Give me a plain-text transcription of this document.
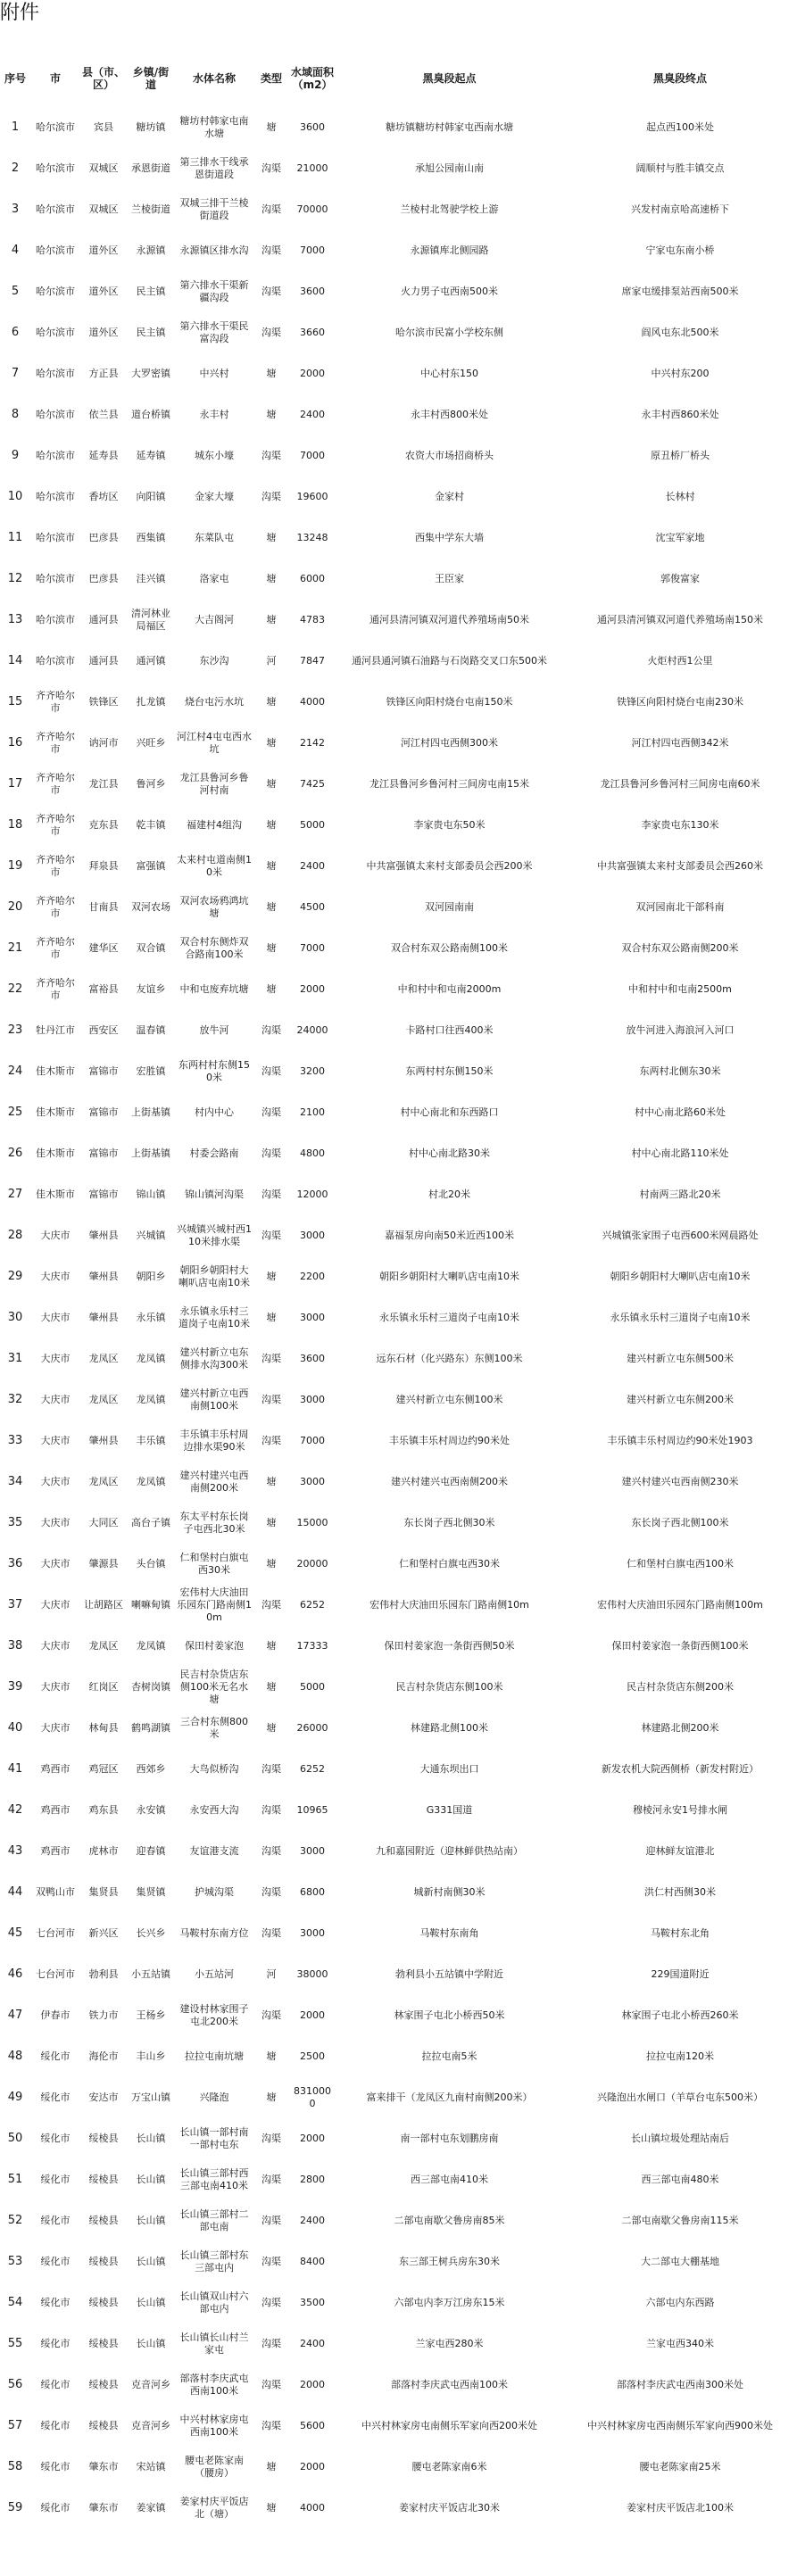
附件
序号	市	县（市、区）	乡镇/街道	水体名称	类型	水域面积（m2）	黑臭段起点	黑臭段终点
1	哈尔滨市	宾县	糖坊镇	糖坊村韩家屯南水塘	塘	3600	糖坊镇糖坊村韩家屯西南水塘	起点西100米处
2	哈尔滨市	双城区	承恩街道	第三排水干线承恩街道段	沟渠	21000	承旭公园南山南	阔顺村与胜丰镇交点
3	哈尔滨市	双城区	兰棱街道	双城三排干兰棱街道段	沟渠	70000	兰棱村北驾驶学校上游	兴发村南京哈高速桥下
4	哈尔滨市	道外区	永源镇	永源镇区排水沟	沟渠	7000	永源镇库北侧园路	宁家屯东南小桥
5	哈尔滨市	道外区	民主镇	第六排水干渠新疆沟段	沟渠	3600	火力男子屯西南500米	席家屯缓排泵站西南500米
6	哈尔滨市	道外区	民主镇	第六排水干渠民富沟段	沟渠	3660	哈尔滨市民富小学校东侧	阎风屯东北500米
7	哈尔滨市	方正县	大罗密镇	中兴村	塘	2000	中心村东150	中兴村东200
8	哈尔滨市	依兰县	道台桥镇	永丰村	塘	2400	永丰村西800米处	永丰村西860米处
9	哈尔滨市	延寿县	延寿镇	城东小壕	沟渠	7000	农资大市场招商桥头	原丑桥厂桥头
10	哈尔滨市	香坊区	向阳镇	金家大壕	沟渠	19600	金家村	长林村
11	哈尔滨市	巴彦县	西集镇	东菜队屯	塘	13248	西集中学东大墙	沈宝军家地
12	哈尔滨市	巴彦县	洼兴镇	洛家屯	塘	6000	王臣家	郭俊富家
13	哈尔滨市	通河县	清河林业局福区	大吉阁河	塘	4783	通河县清河镇双河道代养殖场南50米	通河县清河镇双河道代养殖场南150米
14	哈尔滨市	通河县	通河镇	东沙沟	河	7847	通河县通河镇石油路与石岗路交叉口东500米	火炬村西1公里
15	齐齐哈尔市	铁锋区	扎龙镇	烧台屯污水坑	塘	4000	铁锋区向阳村烧台屯南150米	铁锋区向阳村烧台屯南230米
16	齐齐哈尔市	讷河市	兴旺乡	河江村4屯屯西水坑	塘	2142	河江村四屯西侧300米	河江村四屯西侧342米
17	齐齐哈尔市	龙江县	鲁河乡	龙江县鲁河乡鲁河村南	塘	7425	龙江县鲁河乡鲁河村三间房屯南15米	龙江县鲁河乡鲁河村三间房屯南60米
18	齐齐哈尔市	克东县	乾丰镇	福建村4组沟	塘	5000	李家贵屯东50米	李家贵屯东130米
19	齐齐哈尔市	拜泉县	富强镇	太来村屯道南侧10米	塘	2400	中共富强镇太来村支部委员会西200米	中共富强镇太来村支部委员会西260米
20	齐齐哈尔市	甘南县	双河农场	双河农场鸦鸿坑塘	塘	4500	双河园南南	双河园南北干部科南
21	齐齐哈尔市	建华区	双合镇	双合村东侧炸双合路南100米	塘	7000	双合村东双公路南侧100米	双合村东双公路南侧200米
22	齐齐哈尔市	富裕县	友谊乡	中和屯废弃坑塘	塘	2000	中和村中和屯南2000m	中和村中和屯南2500m
23	牡丹江市	西安区	温春镇	放牛河	沟渠	24000	卡路村口往西400米	放牛河进入海浪河入河口
24	佳木斯市	富锦市	宏胜镇	东两村村东侧150米	沟渠	3200	东两村村东侧150米	东两村北侧东30米
25	佳木斯市	富锦市	上街基镇	村内中心	沟渠	2100	村中心南北和东西路口	村中心南北路60米处
26	佳木斯市	富锦市	上街基镇	村委会路南	沟渠	4800	村中心南北路30米	村中心南北路110米处
27	佳木斯市	富锦市	锦山镇	锦山镇河沟渠	沟渠	12000	村北20米	村南两三路北20米
28	大庆市	肇州县	兴城镇	兴城镇兴城村西110米排水渠	沟渠	3000	嘉福泵房向南50米近西100米	兴城镇张家围子屯西600米网晨路处
29	大庆市	肇州县	朝阳乡	朝阳乡朝阳村大喇叭店屯南10米	塘	2200	朝阳乡朝阳村大喇叭店屯南10米	朝阳乡朝阳村大喇叭店屯南10米
30	大庆市	肇州县	永乐镇	永乐镇永乐村三道岗子屯南10米	塘	3000	永乐镇永乐村三道岗子屯南10米	永乐镇永乐村三道岗子屯南10米
31	大庆市	龙凤区	龙凤镇	建兴村新立屯东侧排水沟300米	沟渠	3600	远东石材（化兴路东）东侧100米	建兴村新立屯东侧500米
32	大庆市	龙凤区	龙凤镇	建兴村新立屯西南侧100米	沟渠	3000	建兴村新立屯东侧100米	建兴村新立屯东侧200米
33	大庆市	肇州县	丰乐镇	丰乐镇丰乐村周边排水渠90米	沟渠	7000	丰乐镇丰乐村周边约90米处	丰乐镇丰乐村周边约90米处1903
34	大庆市	龙凤区	龙凤镇	建兴村建兴屯西南侧200米	塘	3000	建兴村建兴屯西南侧200米	建兴村建兴屯西南侧230米
35	大庆市	大同区	高台子镇	东太平村东长岗子屯西北30米	塘	15000	东长岗子西北侧30米	东长岗子西北侧100米
36	大庆市	肇源县	头台镇	仁和堡村白旗屯西30米	塘	20000	仁和堡村白旗屯西30米	仁和堡村白旗屯西100米
37	大庆市	让胡路区	喇嘛甸镇	宏伟村大庆油田乐园东门路南侧10m	沟渠	6252	宏伟村大庆油田乐园东门路南侧10m	宏伟村大庆油田乐园东门路南侧100m
38	大庆市	龙凤区	龙凤镇	保田村姜家泡	塘	17333	保田村姜家泡一条街西侧50米	保田村姜家泡一条街西侧100米
39	大庆市	红岗区	杏树岗镇	民吉村杂货店东侧100米无名水塘	塘	5000	民吉村杂货店东侧100米	民吉村杂货店东侧200米
40	大庆市	林甸县	鹤鸣湖镇	三合村东侧800米	塘	26000	林建路北侧100米	林建路北侧200米
41	鸡西市	鸡冠区	西郊乡	大鸟似桥沟	沟渠	6252	大通东坝出口	新发农机大院西侧桥（新发村附近）
42	鸡西市	鸡东县	永安镇	永安西大沟	沟渠	10965	G331国道	穆棱河永安1号排水闸
43	鸡西市	虎林市	迎春镇	友谊港支流	沟渠	3000	九和嘉园附近（迎林鲜供热站南）	迎林鲜友谊港北
44	双鸭山市	集贤县	集贤镇	护城沟渠	沟渠	6800	城新村南侧30米	洪仁村西侧30米
45	七台河市	新兴区	长兴乡	马鞍村东南方位	沟渠	3000	马鞍村东南角	马鞍村东北角
46	七台河市	勃利县	小五站镇	小五站河	河	38000	勃利县小五站镇中学附近	229国道附近
47	伊春市	铁力市	王杨乡	建设村林家围子屯北200米	沟渠	2000	林家围子屯北小桥西50米	林家围子屯北小桥西260米
48	绥化市	海伦市	丰山乡	拉拉屯南坑塘	塘	2500	拉拉屯南5米	拉拉屯南120米
49	绥化市	安达市	万宝山镇	兴隆泡	塘	8310000	富来排干（龙凤区九南村南侧200米）	兴隆泡出水闸口（羊草台屯东500米）
50	绥化市	绥棱县	长山镇	长山镇一部村南一部村屯东	沟渠	2000	南一部村屯东划鹏房南	长山镇垃圾处理站南后
51	绥化市	绥棱县	长山镇	长山镇三部村西三部屯南410米	沟渠	2800	西三部屯南410米	西三部屯南480米
52	绥化市	绥棱县	长山镇	长山镇三部村二部屯南	沟渠	2400	二部屯南歇父鲁房南85米	二部屯南歇父鲁房南115米
53	绥化市	绥棱县	长山镇	长山镇三部村东三部屯内	沟渠	8400	东三部王树兵房东30米	大二部屯大棚基地
54	绥化市	绥棱县	长山镇	长山镇双山村六部屯内	沟渠	3500	六部屯内李万江房东15米	六部屯内东西路
55	绥化市	绥棱县	长山镇	长山镇长山村兰家屯	沟渠	2400	兰家屯西280米	兰家屯西340米
56	绥化市	绥棱县	克音河乡	部落村李庆武屯西南100米	沟渠	2000	部落村李庆武屯西南100米	部落村李庆武屯西南300米处
57	绥化市	绥棱县	克音河乡	中兴村林家房屯西南100米	沟渠	5600	中兴村林家房屯南侧乐军家向西200米处	中兴村林家房屯西南侧乐军家向西900米处
58	绥化市	肇东市	宋站镇	腰屯老陈家南（腰房）	塘	2000	腰屯老陈家南6米	腰屯老陈家南25米
59	绥化市	肇东市	姜家镇	姜家村庆平饭店北（塘）	塘	4000	姜家村庆平饭店北30米	姜家村庆平饭店北100米
